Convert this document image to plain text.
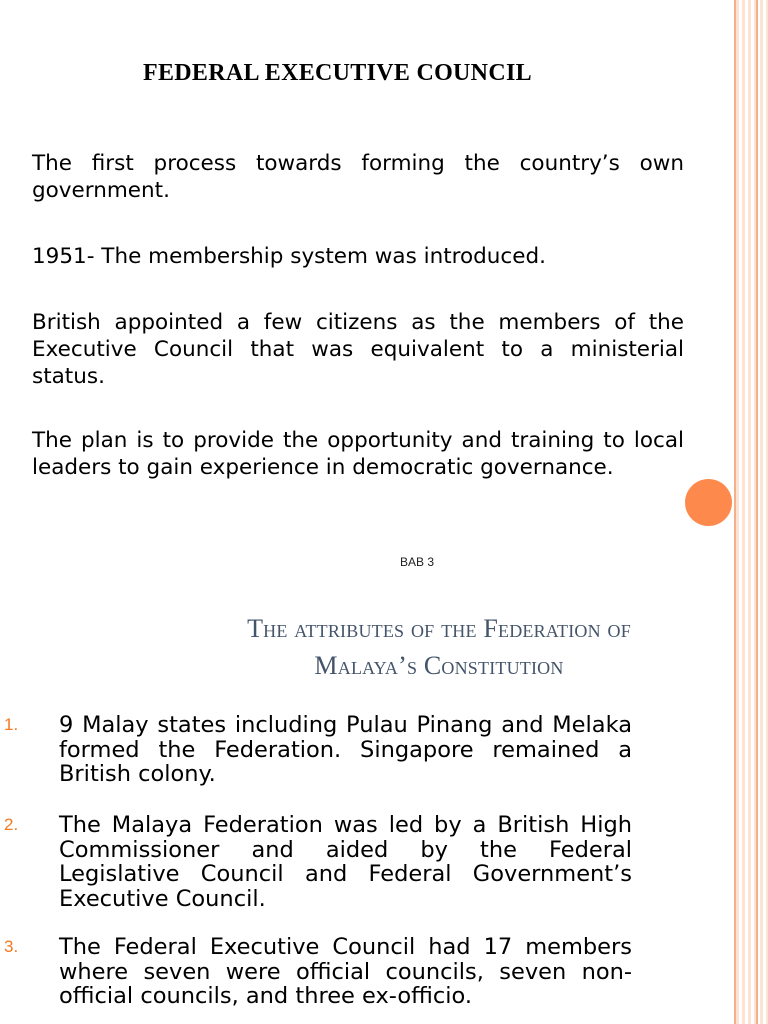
FEDERAL EXECUTIVE COUNCIL
The first process towards forming the country’s own government.
1951- The membership system was introduced.
British appointed a few citizens as the members of the Executive Council that was equivalent to a ministerial status.
The plan is to provide the opportunity and training to local leaders to gain experience in democratic governance.
BAB 3
The attributes of the Federation of
Malaya’s Constitution
1. 9 Malay states including Pulau Pinang and Melaka formed the Federation. Singapore remained a British colony.
2. The Malaya Federation was led by a British High Commissioner and aided by the Federal Legislative Council and Federal Government’s Executive Council.
3. The Federal Executive Council had 17 members where seven were official councils, seven non-official councils, and three ex-officio.
